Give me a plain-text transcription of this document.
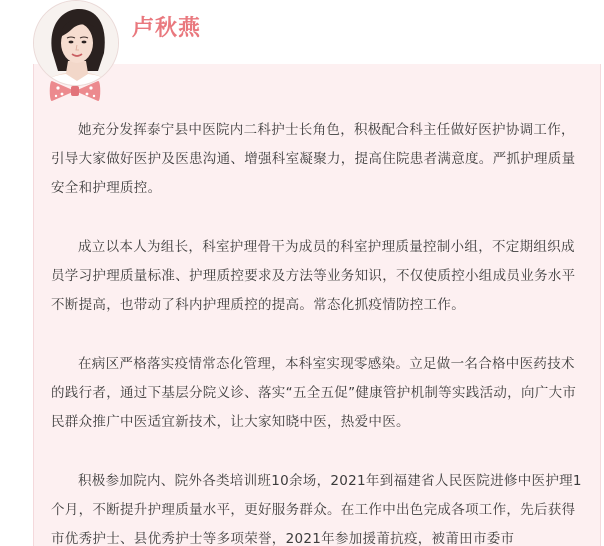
卢秋燕

她充分发挥泰宁县中医院内二科护士长角色，积极配合科主任做好医护协调工作，引导大家做好医护及医患沟通、增强科室凝聚力，提高住院患者满意度。严抓护理质量安全和护理质控。

成立以本人为组长，科室护理骨干为成员的科室护理质量控制小组，不定期组织成员学习护理质量标准、护理质控要求及方法等业务知识，不仅使质控小组成员业务水平不断提高，也带动了科内护理质控的提高。常态化抓疫情防控工作。

在病区严格落实疫情常态化管理，本科室实现零感染。立足做一名合格中医药技术的践行者，通过下基层分院义诊、落实“五全五促”健康管护机制等实践活动，向广大市民群众推广中医适宜新技术，让大家知晓中医，热爱中医。

积极参加院内、院外各类培训班10余场，2021年到福建省人民医院进修中医护理1个月，不断提升护理质量水平，更好服务群众。在工作中出色完成各项工作，先后获得市优秀护士、县优秀护士等多项荣誉，2021年参加援莆抗疫，被莆田市委市
